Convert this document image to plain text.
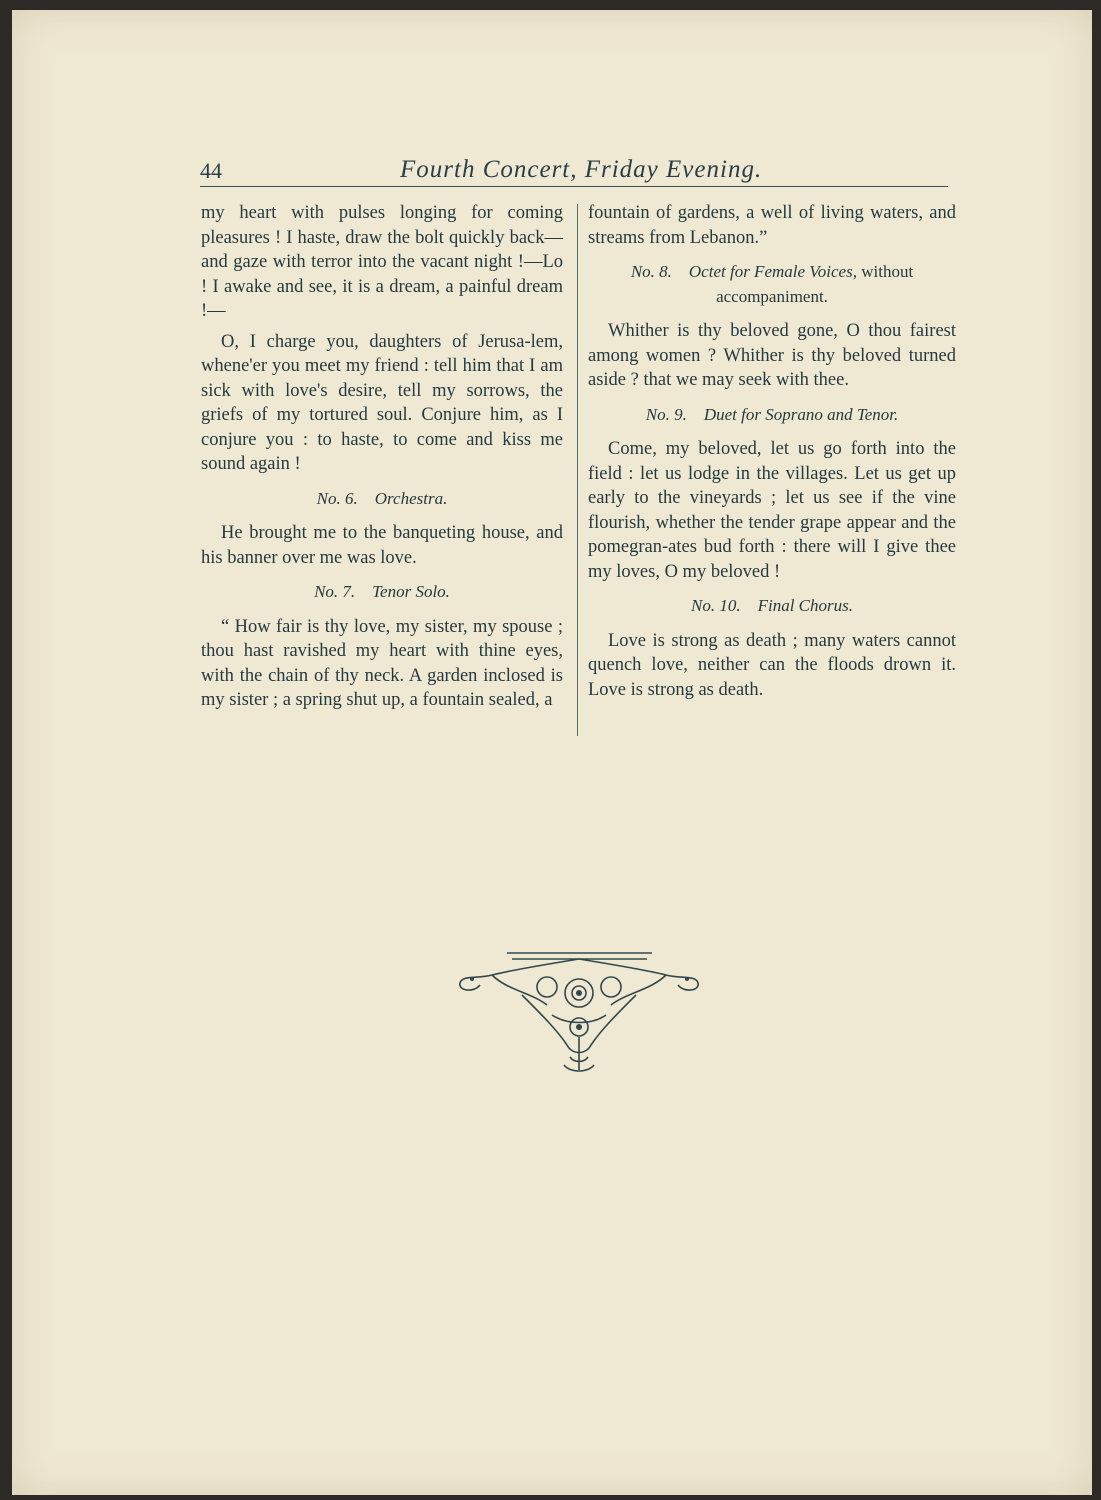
44	Fourth Concert, Friday Evening.

my heart with pulses longing for coming pleasures ! I haste, draw the bolt quickly back—and gaze with terror into the vacant night !—Lo ! I awake and see, it is a dream, a painful dream !—

O, I charge you, daughters of Jerusa-lem, whene'er you meet my friend : tell him that I am sick with love's desire, tell my sorrows, the griefs of my tortured soul. Conjure him, as I conjure you : to haste, to come and kiss me sound again !

No. 6.    Orchestra.

He brought me to the banqueting house, and his banner over me was love.

No. 7.    Tenor Solo.

“ How fair is thy love, my sister, my spouse ; thou hast ravished my heart with thine eyes, with the chain of thy neck. A garden inclosed is my sister ; a spring shut up, a fountain sealed, a

fountain of gardens, a well of living waters, and streams from Lebanon.”

No. 8.    Octet for Female Voices, without accompaniment.

Whither is thy beloved gone, O thou fairest among women ? Whither is thy beloved turned aside ? that we may seek with thee.

No. 9.    Duet for Soprano and Tenor.

Come, my beloved, let us go forth into the field : let us lodge in the villages. Let us get up early to the vineyards ; let us see if the vine flourish, whether the tender grape appear and the pomegran-ates bud forth : there will I give thee my loves, O my beloved !

No. 10.    Final Chorus.

Love is strong as death ; many waters cannot quench love, neither can the floods drown it. Love is strong as death.
